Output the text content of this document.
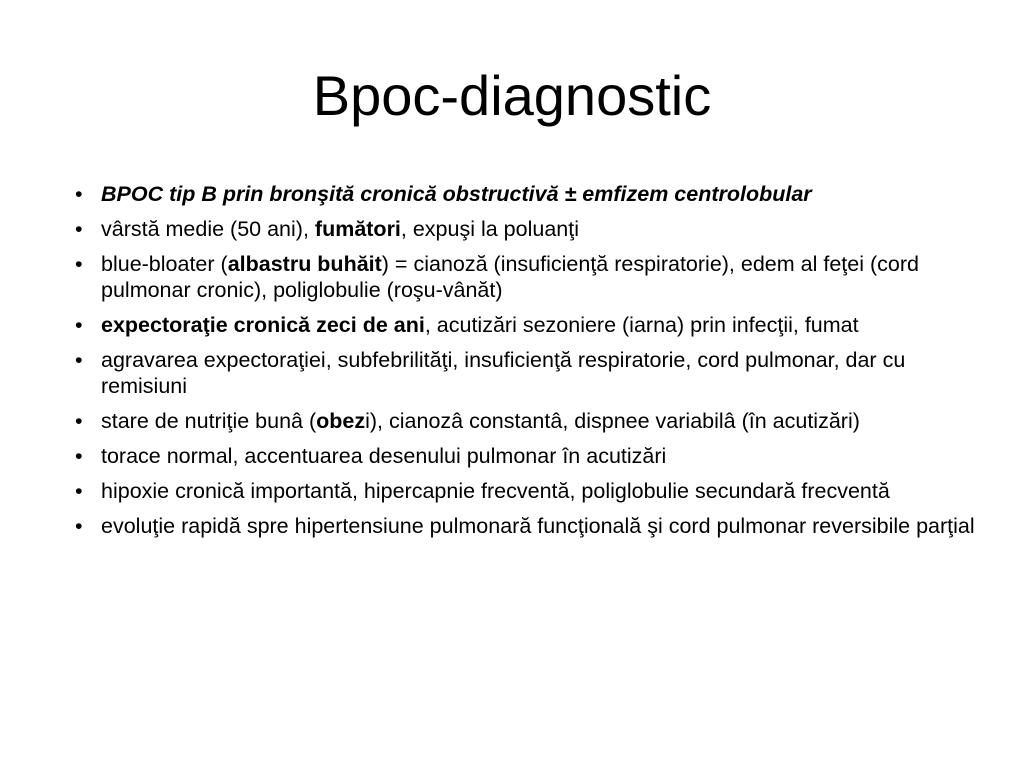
Bpoc-diagnostic
• BPOC tip B prin bronşită cronică obstructivă ± emfizem centrolobular
• vârstă medie (50 ani), fumători, expuşi la poluanţi
• blue-bloater (albastru buhăit) = cianoză (insuficienţă respiratorie), edem al feţei (cord pulmonar cronic), poliglobulie (roşu-vânăt)
• expectoraţie cronică zeci de ani, acutizări sezoniere (iarna) prin infecţii, fumat
• agravarea expectoraţiei, subfebrilităţi, insuficienţă respiratorie, cord pulmonar, dar cu remisiuni
• stare de nutriţie bunâ (obezi), cianozâ constantâ, dispnee variabilâ (în acutizări)
• torace normal, accentuarea desenului pulmonar în acutizări
• hipoxie cronică importantă, hipercapnie frecventă, poliglobulie secundară frecventă
• evoluţie rapidă spre hipertensiune pulmonară funcţională şi cord pulmonar reversibile parţial
